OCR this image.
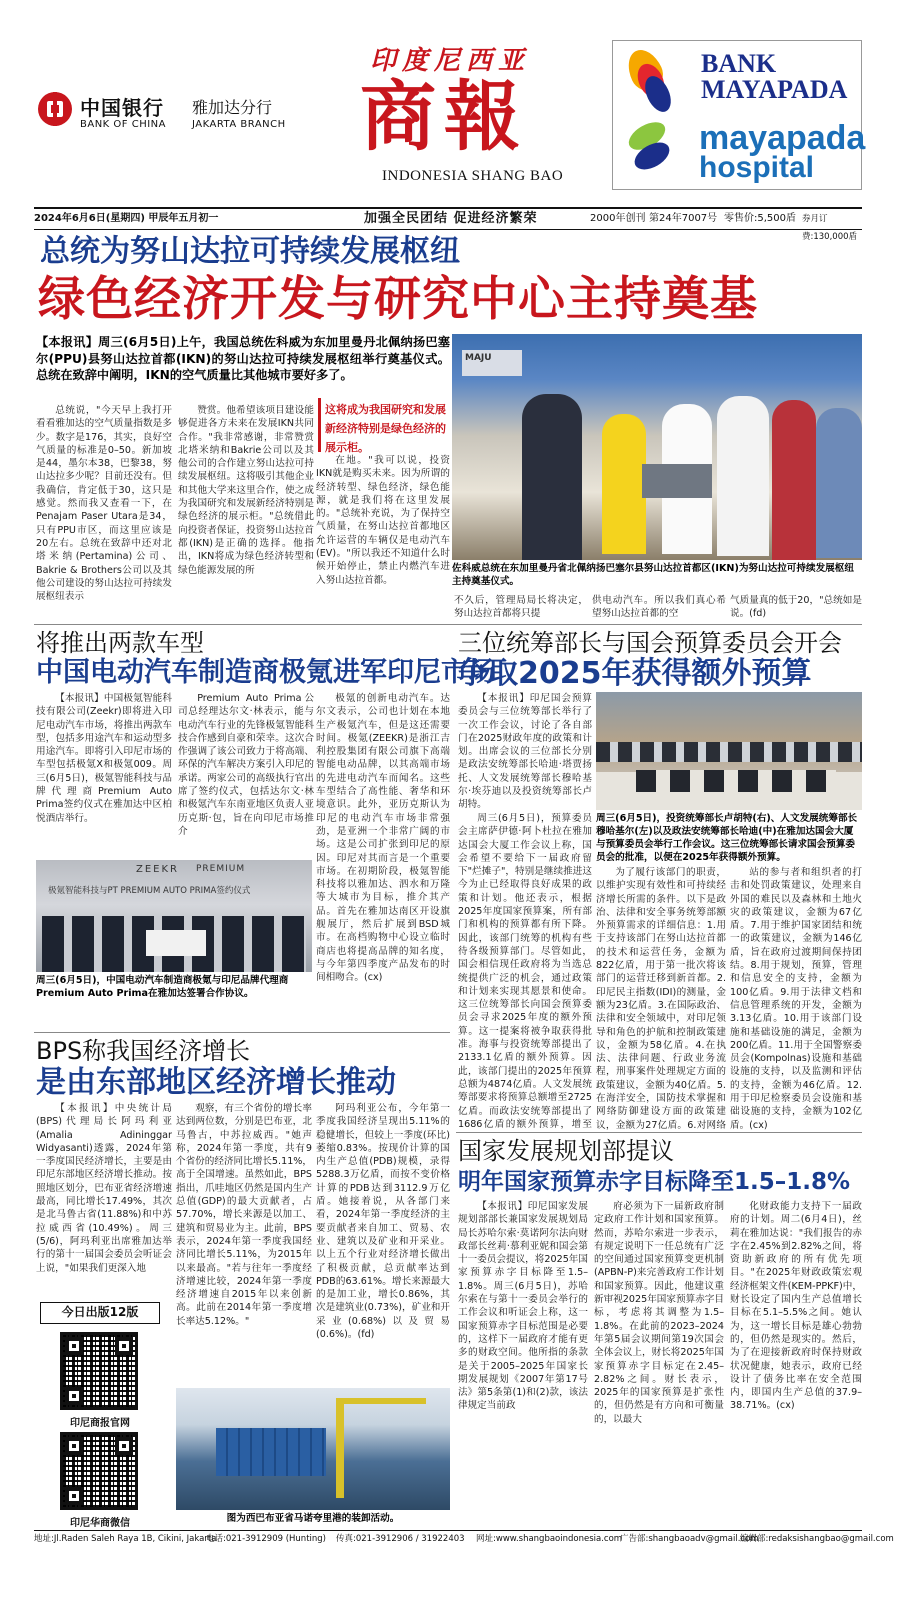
中国银行 雅加达分行
BANK OF CHINA	JAKARTA BRANCH
印度尼西亚
商報
INDONESIA SHANG BAO
BANK MAYAPADA
mayapada
hospital
2024年6月6日(星期四) 甲辰年五月初一	加强全民团结 促进经济繁荣	2000年创刊 第24年7007号 零售价:5,500盾 券月订费:130,000盾
总统为努山达拉可持续发展枢纽
绿色经济开发与研究中心主持奠基
【本报讯】周三(6月5日)上午，我国总统佐科威为东加里曼丹北佩纳扬巴塞尔(PPU)县努山达拉首都(IKN)的努山达拉可持续发展枢纽举行奠基仪式。总统在致辞中阐明，IKN的空气质量比其他城市要好多了。

总统说，"今天早上我打开看看雅加达的空气质量指数是多少。数字是176，其实，良好空气质量的标准是0–50。新加坡是44，墨尔本38，巴黎38，努山达拉多少呢？目前还没有。但我确信，肯定低于30，这只是感觉。然而我又查看一下，在Penajam Paser Utara是34，只有PPU市区，而这里应该是20左右。总统在致辞中还对北塔米纳(Pertamina)公司、Bakrie & Brothers公司以及其他公司建设的努山达拉可持续发展枢纽表示

赞赏。他希望该项目建设能够促进各方未来在发展IKN共同合作。"我非常感谢，非常赞赏北塔米纳和Bakrie公司以及其他公司的合作建立努山达拉可持续发展枢纽。这将吸引其他企业和其他大学来这里合作，使之成为我国研究和发展新经济特别是绿色经济的展示柜。"总统借此向投资者保证，投资努山达拉首都(IKN)是正确的选择。他指出，IKN将成为绿色经济转型和绿色能源发展的所

这将成为我国研究和发展新经济特别是绿色经济的展示柜。

在地。"我可以说，投资IKN就是购买未来。因为所谓的经济转型、绿色经济，绿色能源，就是我们将在这里发展的。"总统补充说，为了保持空气质量，在努山达拉首都地区允许运营的车辆仅是电动汽车(EV)。"所以我还不知道什么时候开始停止，禁止内燃汽车进入努山达拉首都。

MAJU
佐科威总统在东加里曼丹省北佩纳扬巴塞尔县努山达拉首都区(IKN)为努山达拉可持续发展枢纽主持奠基仪式。
不久后，管理局局长将决定，努山达拉首都将只提
供电动汽车。所以我们真心希望努山达拉首都的空
气质量真的低于20，"总统如是说。(fd)
将推出两款车型
中国电动汽车制造商极氪进军印尼市场

【本报讯】中国极氪智能科技有限公司(Zeekr)即将进入印尼电动汽车市场，将推出两款车型，包括多用途汽车和运动型多用途汽车。即将引入印尼市场的车型包括极氪X和极氪009。周三(6月5日)，极氪智能科技与品牌代理商Premium Auto Prima签约仪式在雅加达中区柏悦酒店举行。

Premium Auto Prima公司总经理达尔文·林表示，能与电动汽车行业的先锋极氪智能科技合作感到自豪和荣幸。这次合作强调了该公司致力于将高端、环保的汽车解决方案引入印尼的承诺。两家公司的高级执行官出席了签约仪式，包括达尔文·林和极氪汽车东南亚地区负责人亚历克斯·包，旨在向印尼市场推介

极氪的创新电动汽车。达尔文表示，公司也计划在本地生产极氪汽车，但是这还需要时间。极氪(ZEEKR)是浙江吉利控股集团有限公司旗下高端智能电动品牌，以其高端市场的先进电动汽车而闻名。这些车型结合了高性能、奢华和环境意识。此外，亚历克斯认为印尼的电动汽车市场非常强劲，是亚洲一个非常广阔的市场。这是公司扩张到印尼的原因。印尼对其而言是一个重要市场。在初期阶段，极氪智能科技将以雅加达、泗水和万隆等大城市为目标，推介其产品。首先在雅加达南区开设旗舰展厅，然后扩展到BSD城市。在高档购物中心设立临时商店也将提高品牌的知名度，与今年第四季度产品发布的时间相吻合。(cx)

ZEEKR PREMIUM
极氪智能科技与PT PREMIUM AUTO PRIMA签约仪式
周三(6月5日)，中国电动汽车制造商极氪与印尼品牌代理商Premium Auto Prima在雅加达签署合作协议。
BPS称我国经济增长
是由东部地区经济增长推动

【本报讯】中央统计局(BPS)代理局长阿玛利亚(Amalia Adininggar Widyasanti)透露，2024年第一季度国民经济增长，主要是由印尼东部地区经济增长推动。按照地区划分，巴布亚省经济增速最高，同比增长17.49%，其次是北马鲁古省(11.88%)和中苏拉威西省(10.49%)。周三(5/6)，阿玛利亚出席雅加达举行的第十一届国会委员会听证会上说，"如果我们更深入地

观察，有三个省份的增长率达到两位数，分别是巴布亚，北马鲁古，中苏拉威西。"她声称，2024年第一季度，共有9个省份的经济同比增长5.11%，高于全国增速。虽然如此，BPS指出，爪哇地区仍然是国内生产总值(GDP)的最大贡献者，占57.70%，增长来源是以加工、建筑和贸易业为主。此前，BPS表示，2024年第一季度我国经济同比增长5.11%，为2015年以来最高。"若与往年一季度经济增速比较，2024年第一季度经济增速自2015年以来创新高。此前在2014年第一季度增长率达5.12%。"

阿玛利亚公布，今年第一季度我国经济呈现出5.11%的稳健增长，但较上一季度(环比)萎缩0.83%。按现价计算的国内生产总值(PDB)规模，录得5288.3万亿盾，而按不变价格计算的PDB达到3112.9万亿盾。她接着说，从各部门来看，2024年第一季度经济的主要贡献者来自加工、贸易、农业、建筑以及矿业和开采业。以上五个行业对经济增长做出了积极贡献，总贡献率达到PDB的63.61%。增长来源最大的是加工业，增长0.86%，其次是建筑业(0.73%)，矿业和开采业(0.68%)以及贸易(0.6%)。(fd)

图为西巴布亚省马诺夸里港的装卸活动。
今日出版12版
印尼商报官网
印尼华商微信
三位统筹部长与国会预算委员会开会
争取2025年获得额外预算

【本报讯】印尼国会预算委员会与三位统筹部长举行了一次工作会议，讨论了各自部门在2025财政年度的政策和计划。出席会议的三位部长分别是政法安统筹部长哈迪·塔贾扬托、人文发展统筹部长穆哈基尔·埃芬迪以及投资统筹部长卢胡特。

周三(6月5日)，投资统筹部长卢胡特(右)、人文发展统筹部长穆哈基尔(左)以及政法安统筹部长哈迪(中)在雅加达国会大厦与预算委员会举行工作会议。这三位统筹部长请求国会预算委员会的批准，以便在2025年获得额外预算。

周三(6月5日)，预算委员会主席萨伊德·阿卜杜拉在雅加达国会大厦工作会议上称，国会希望不要给下一届政府留下"烂摊子"，特别是继续推进这今为止已经取得良好成果的政策和计划。他还表示，根据2025年度国家预算案，所有部门和机构的预算都有所下降。因此，该部门统筹的机构有些待各级预算部门。尽管如此，国会相信现任政府将为当选总统提供广泛的机会，通过政策和计划来实现其愿景和使命。这三位统筹部长向国会预算委员会寻求2025年度的额外预算。这一提案将被争取获得批准。海事与投资统筹部提出了2133.1亿盾的额外预算。因此，该部门提出的2025年预算总额为4874亿盾。人文发展统筹部要求将预算总额增至2725亿盾。而政法安统筹部提出了1686亿盾的额外预算，增至

为了履行该部门的职责，以维护实现有效性和可持续经济增长所需的条件。以下是政治、法律和安全事务统筹部额外预算需求的详细信息：1.用于支持该部门在努山达拉首都的技术和运营任务，金额为822亿盾，用于第一批次将该部门的运营迁移到新首都。2.印尼民主指数(IDI)的测量，金额为23亿盾。3.在国际政治、法律和安全领域中，对印尼领导和角色的护航和控制政策建议，金额为58亿盾。4.在执法、法律问题、行政业务流程，刑事案件处理规定方面的政策建议，金额为40亿盾。5.在海洋安全，国防技术掌握和网络防御建设方面的政策建议，金额为27亿盾。6.对网络

站的参与者和组织者的打击和处罚政策建议，处理来自外国的难民以及森林和土地火灾的政策建议，金额为67亿盾。7.用于维护国家团结和统一的政策建议，金额为146亿盾，旨在政府过渡期间保持团结。8.用于规划，预算，管理和信息安全的支持，金额为100亿盾。9.用于法律文档和信息管理系统的开发，金额为3.13亿盾。10.用于该部门设施和基础设施的满足，金额为200亿盾。11.用于全国警察委员会(Kompolnas)设施和基础设施的支持，以及监测和评估的支持，金额为46亿盾。12.用于印尼检察委员会设施和基础设施的支持，金额为102亿盾。(cx)

国家发展规划部提议
明年国家预算赤字目标降至1.5–1.8%

【本报讯】印尼国家发展规划部部长兼国家发展规划局局长苏哈尔索·莫诺阿尔法向财政部长丝莉·慕利亚妮和国会第十一委员会提议，将2025年国家预算赤字目标降至1.5–1.8%。周三(6月5日)，苏哈尔索在与第十一委员会举行的工作会议和听证会上称，这一国家预算赤字目标范围是必要的，这样下一届政府才能有更多的财政空间。他所指的条款是关于2005–2025年国家长期发展规划《2007年第17号法》第5条第(1)和(2)款，该法律规定当前政

府必须为下一届新政府制定政府工作计划和国家预算。然而，苏哈尔索进一步表示，有规定说明下一任总统有广泛的空间通过国家预算变更机制(APBN-P)来完善政府工作计划和国家预算。因此，他建议重新审视2025年国家预算赤字目标，考虑将其调整为1.5–1.8%。在此前的2023–2024年第5届会议期间第19次国会全体会议上，财长将2025年国家预算赤字目标定在2.45–2.82%之间。财长表示，2025年的国家预算是扩张性的，但仍然是有方向和可衡量的，以最大

化财政能力支持下一届政府的计划。周二(6月4日)，丝莉在雅加达说："我们报告的赤字在2.45%到2.82%之间，将资助新政府的所有优先项目。"在2025年财政政策宏观经济框架文件(KEM-PPKF)中，财长设定了国内生产总值增长目标在5.1–5.5%之间。她认为，这一增长目标是雄心勃勃的，但仍然是现实的。然后，为了在迎接新政府时保持财政状况健康，她表示，政府已经设计了债务比率在安全范围内，即国内生产总值的37.9–38.71%。(cx)

地址:Jl.Raden Saleh Raya 1B, Cikini, Jakarta
电话:021-3912909 (Hunting) 传真:021-3912906 / 31922403 网址:www.shangbaoindonesia.com
广告部:shangbaoadv@gmail.com
编辑部:redaksishangbao@gmail.com
